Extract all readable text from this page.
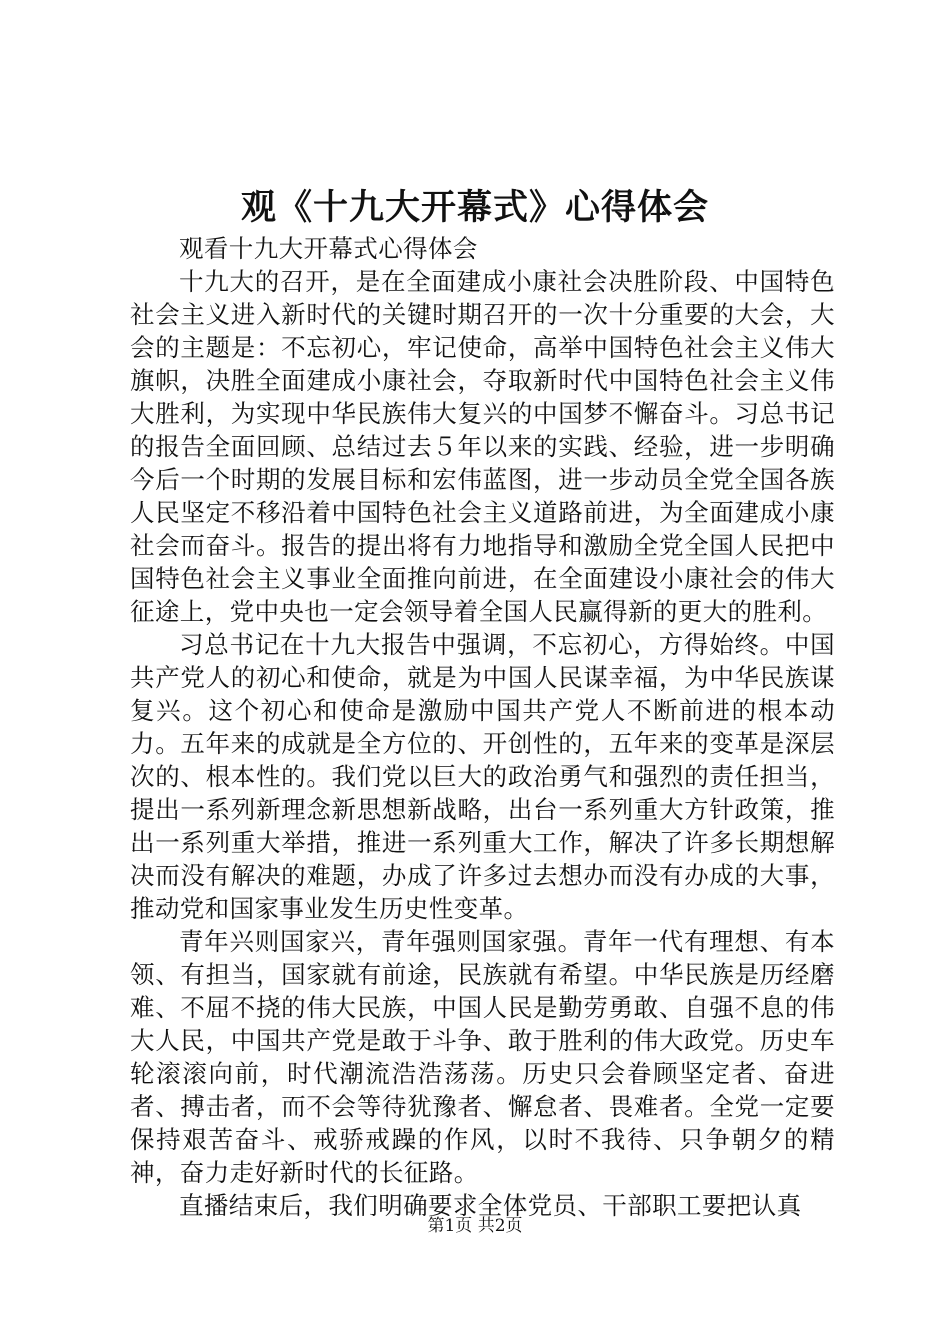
观《十九大开幕式》心得体会

观看十九大开幕式心得体会

十九大的召开，是在全面建成小康社会决胜阶段、中国特色社会主义进入新时代的关键时期召开的一次十分重要的大会，大会的主题是：不忘初心，牢记使命，高举中国特色社会主义伟大旗帜，决胜全面建成小康社会，夺取新时代中国特色社会主义伟大胜利，为实现中华民族伟大复兴的中国梦不懈奋斗。习总书记的报告全面回顾、总结过去５年以来的实践、经验，进一步明确今后一个时期的发展目标和宏伟蓝图，进一步动员全党全国各族人民坚定不移沿着中国特色社会主义道路前进，为全面建成小康社会而奋斗。报告的提出将有力地指导和激励全党全国人民把中国特色社会主义事业全面推向前进，在全面建设小康社会的伟大征途上，党中央也一定会领导着全国人民赢得新的更大的胜利。

习总书记在十九大报告中强调，不忘初心，方得始终。中国共产党人的初心和使命，就是为中国人民谋幸福，为中华民族谋复兴。这个初心和使命是激励中国共产党人不断前进的根本动力。五年来的成就是全方位的、开创性的，五年来的变革是深层次的、根本性的。我们党以巨大的政治勇气和强烈的责任担当，提出一系列新理念新思想新战略，出台一系列重大方针政策，推出一系列重大举措，推进一系列重大工作，解决了许多长期想解决而没有解决的难题，办成了许多过去想办而没有办成的大事，推动党和国家事业发生历史性变革。

青年兴则国家兴，青年强则国家强。青年一代有理想、有本领、有担当，国家就有前途，民族就有希望。中华民族是历经磨难、不屈不挠的伟大民族，中国人民是勤劳勇敢、自强不息的伟大人民，中国共产党是敢于斗争、敢于胜利的伟大政党。历史车轮滚滚向前，时代潮流浩浩荡荡。历史只会眷顾坚定者、奋进者、搏击者，而不会等待犹豫者、懈怠者、畏难者。全党一定要保持艰苦奋斗、戒骄戒躁的作风，以时不我待、只争朝夕的精神，奋力走好新时代的长征路。

直播结束后，我们明确要求全体党员、干部职工要把认真

第1页 共2页
